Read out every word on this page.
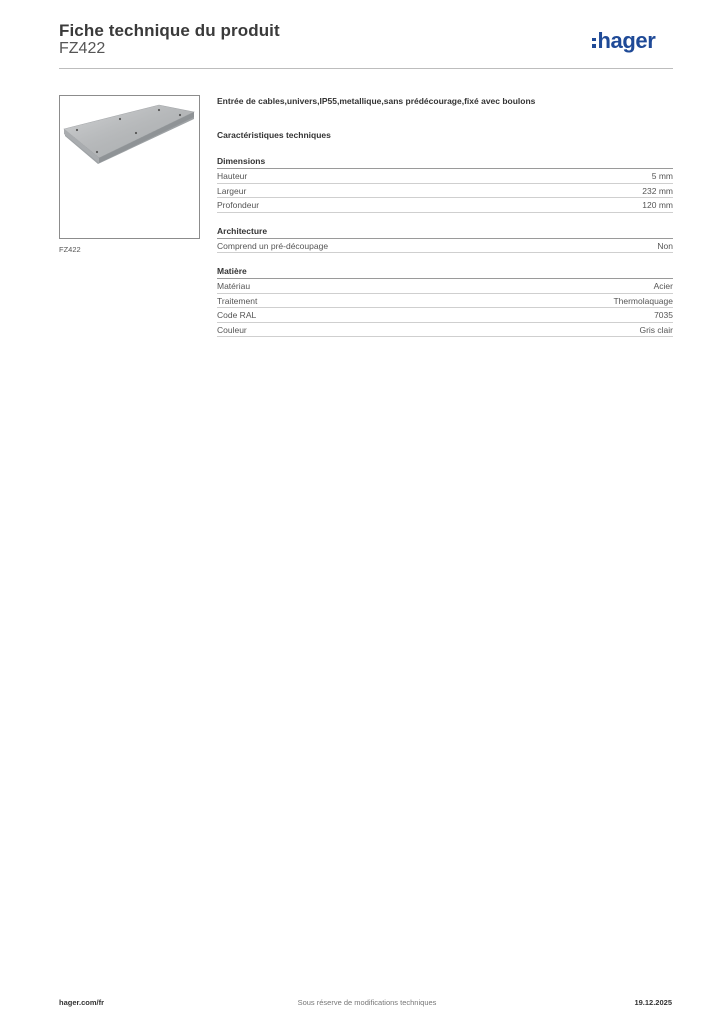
Fiche technique du produit
FZ422	hager
FZ422
Entrée de cables,univers,IP55,metallique,sans prédécourage,fixé avec boulons
Caractéristiques techniques
Dimensions
Hauteur	5 mm
Largeur	232 mm
Profondeur	120 mm
Architecture
Comprend un pré-découpage	Non
Matière
Matériau	Acier
Traitement	Thermolaquage
Code RAL	7035
Couleur	Gris clair
hager.com/fr	Sous réserve de modifications techniques	19.12.2025
